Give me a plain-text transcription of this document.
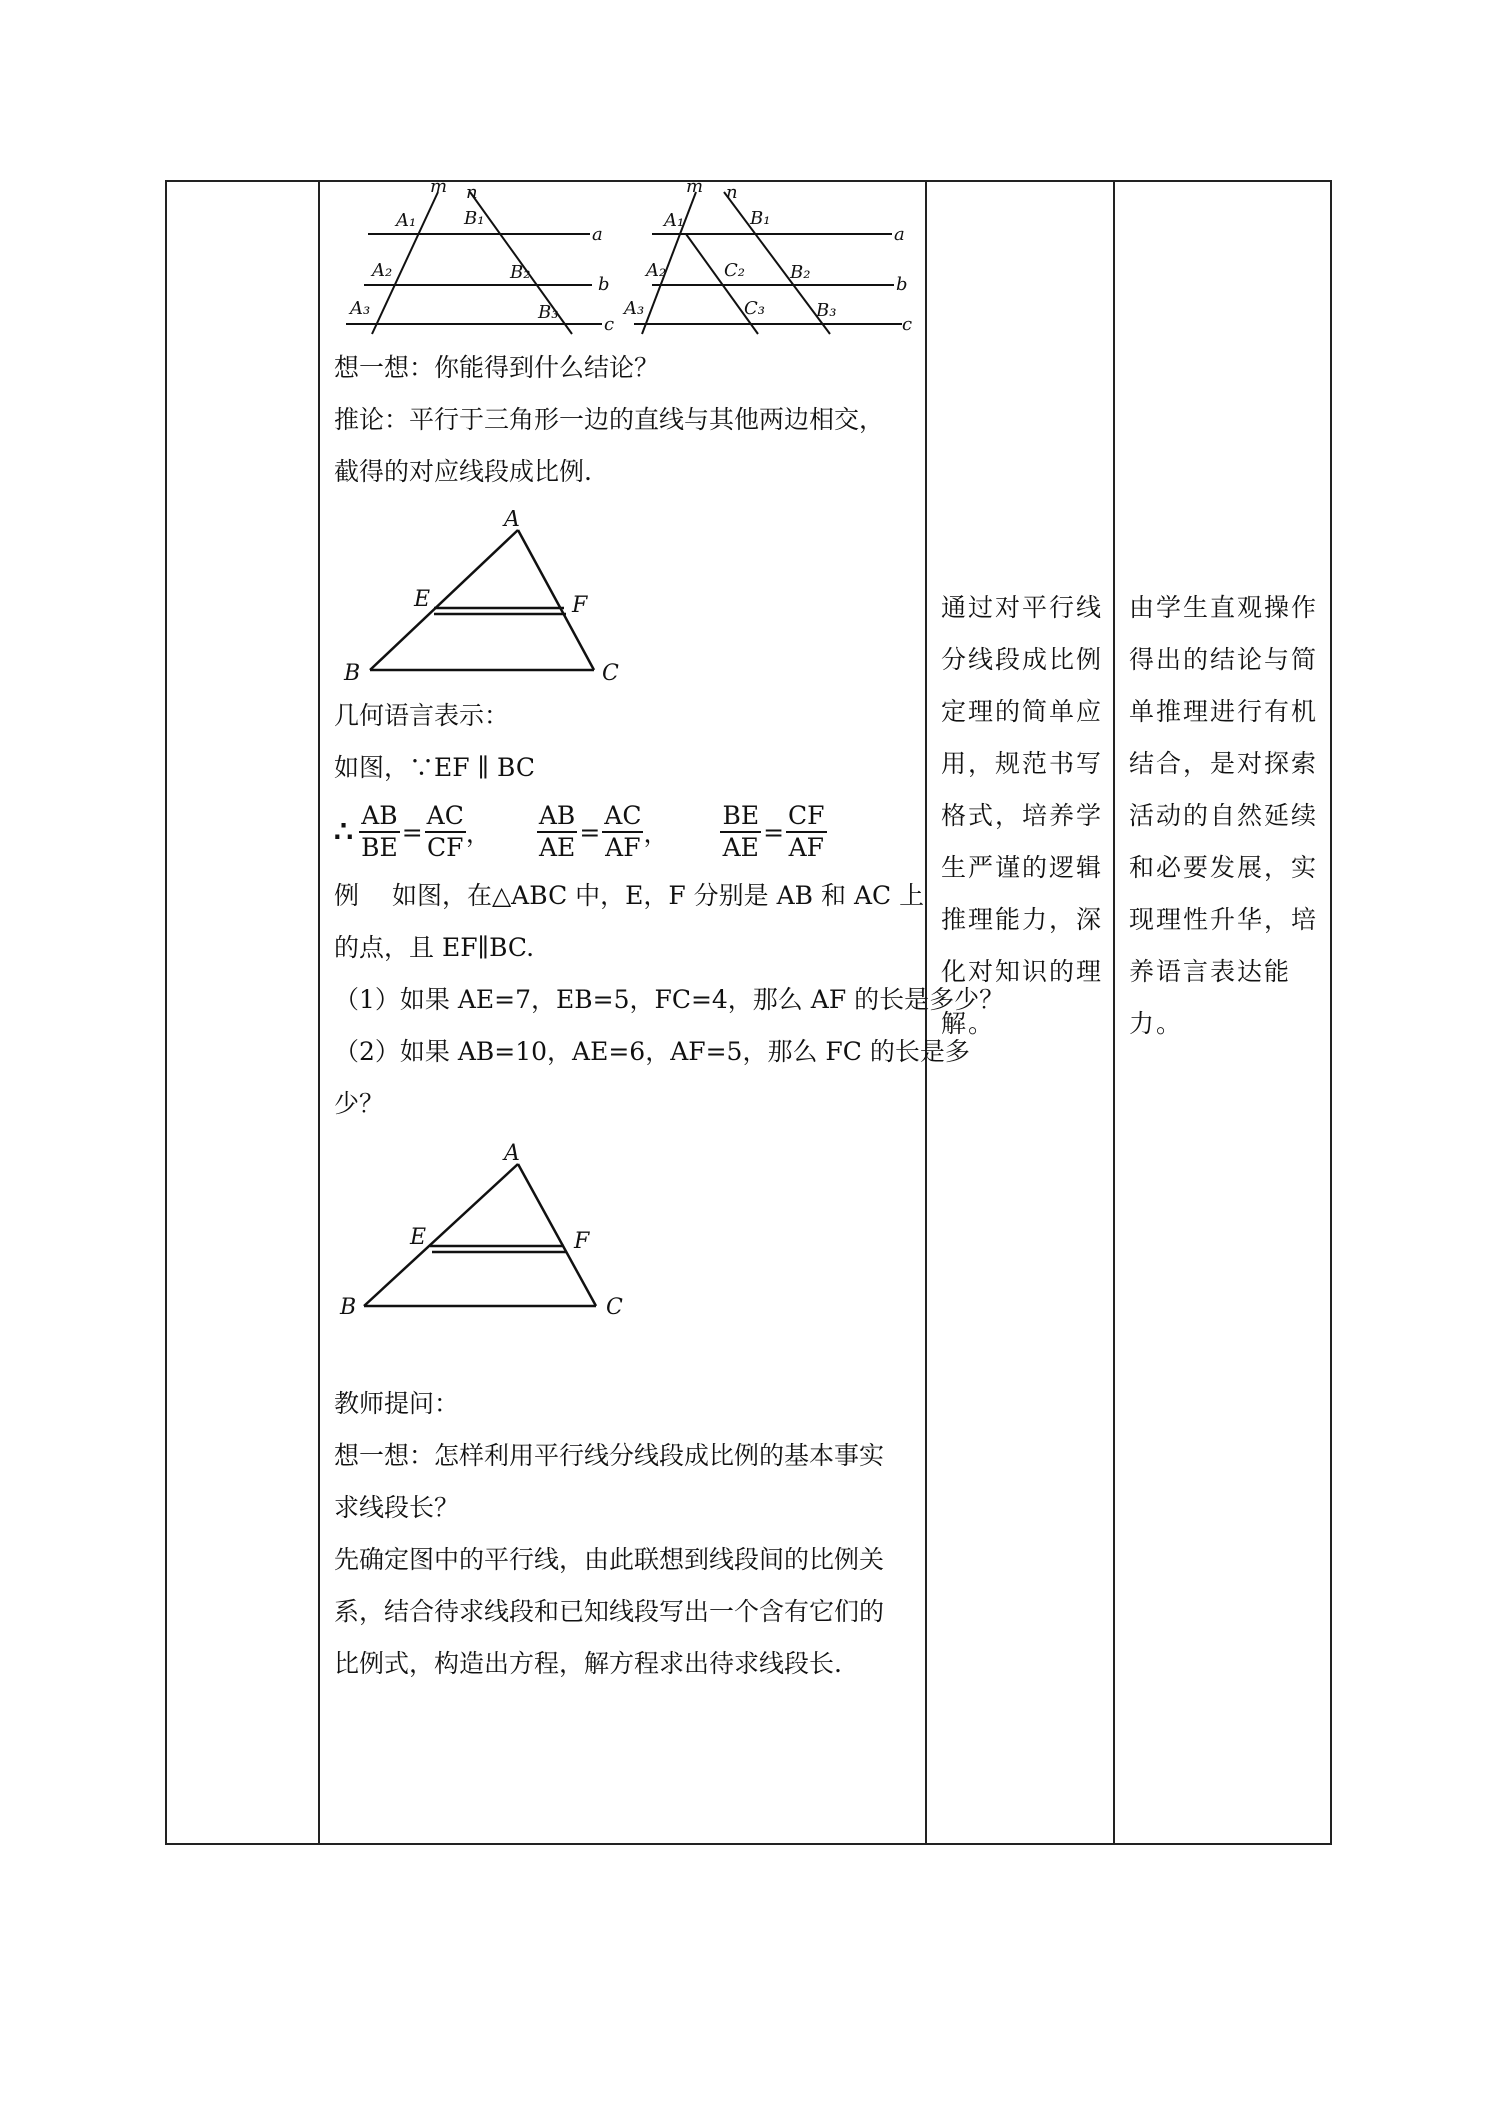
m n
A₁	B₁
a
A₂	B₂
b
A₃	B₃
c
m n
A₁	B₁
a
A₂	C₂	B₂
b
A₃	C₃	B₃
c

想一想：你能得到什么结论？

推论：平行于三角形一边的直线与其他两边相交，

截得的对应线段成比例.

A
B	C
E	F

几何语言表示：

如图，∵EF ∥ BC

∴ $\frac{AB}{BE} = \frac{AC}{CF}$ ， $\frac{AB}{AE} = \frac{AC}{AF}$ ， $\frac{BE}{AE} = \frac{CF}{AF}$

例　 如图，在△ABC 中，E，F 分别是 AB 和 AC 上

的点，且 EF∥BC.

（1）如果 AE=7，EB=5，FC=4，那么 AF 的长是多少？

（2）如果 AB=10，AE=6，AF=5，那么 FC 的长是多

少？

A
B	C
E	F

教师提问：

想一想：怎样利用平行线分线段成比例的基本事实

求线段长？

先确定图中的平行线，由此联想到线段间的比例关

系，结合待求线段和已知线段写出一个含有它们的

比例式，构造出方程，解方程求出待求线段长.

通过对平行线分线段成比例定理的简单应用，规范书写格式，培养学生严谨的逻辑推理能力，深化对知识的理解。
由学生直观操作得出的结论与简单推理进行有机结合，是对探索活动的自然延续和必要发展，实现理性升华，培养语言表达能力。
